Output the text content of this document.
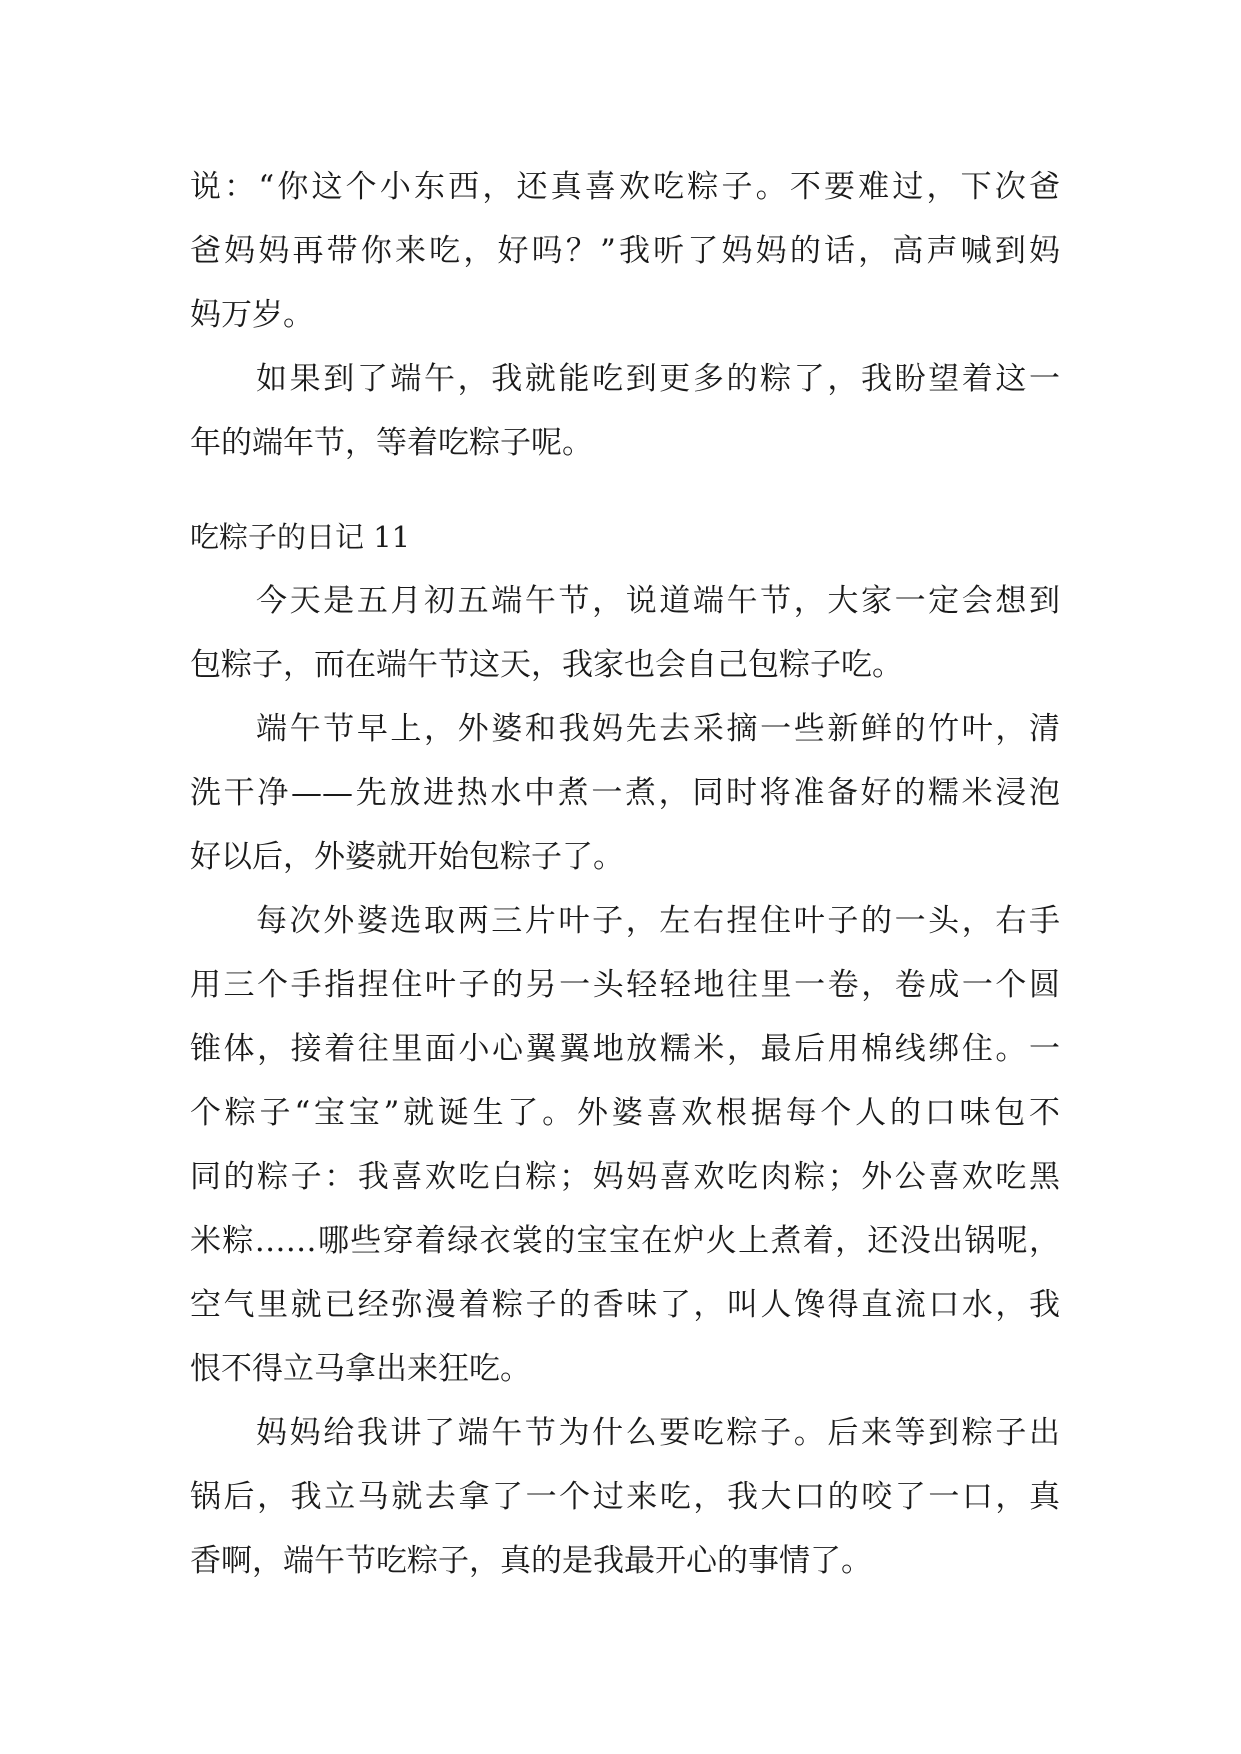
说：“你这个小东西，还真喜欢吃粽子。不要难过，下次爸
爸妈妈再带你来吃，好吗？”我听了妈妈的话，高声喊到妈
妈万岁。
如果到了端午，我就能吃到更多的粽了，我盼望着这一
年的端年节，等着吃粽子呢。
吃粽子的日记 11
今天是五月初五端午节，说道端午节，大家一定会想到
包粽子，而在端午节这天，我家也会自己包粽子吃。
端午节早上，外婆和我妈先去采摘一些新鲜的竹叶，清
洗干净——先放进热水中煮一煮，同时将准备好的糯米浸泡
好以后，外婆就开始包粽子了。
每次外婆选取两三片叶子，左右捏住叶子的一头，右手
用三个手指捏住叶子的另一头轻轻地往里一卷，卷成一个圆
锥体，接着往里面小心翼翼地放糯米，最后用棉线绑住。一
个粽子“宝宝”就诞生了。外婆喜欢根据每个人的口味包不
同的粽子：我喜欢吃白粽；妈妈喜欢吃肉粽；外公喜欢吃黑
米粽……哪些穿着绿衣裳的宝宝在炉火上煮着，还没出锅呢，
空气里就已经弥漫着粽子的香味了，叫人馋得直流口水，我
恨不得立马拿出来狂吃。
妈妈给我讲了端午节为什么要吃粽子。后来等到粽子出
锅后，我立马就去拿了一个过来吃，我大口的咬了一口，真
香啊，端午节吃粽子，真的是我最开心的事情了。
